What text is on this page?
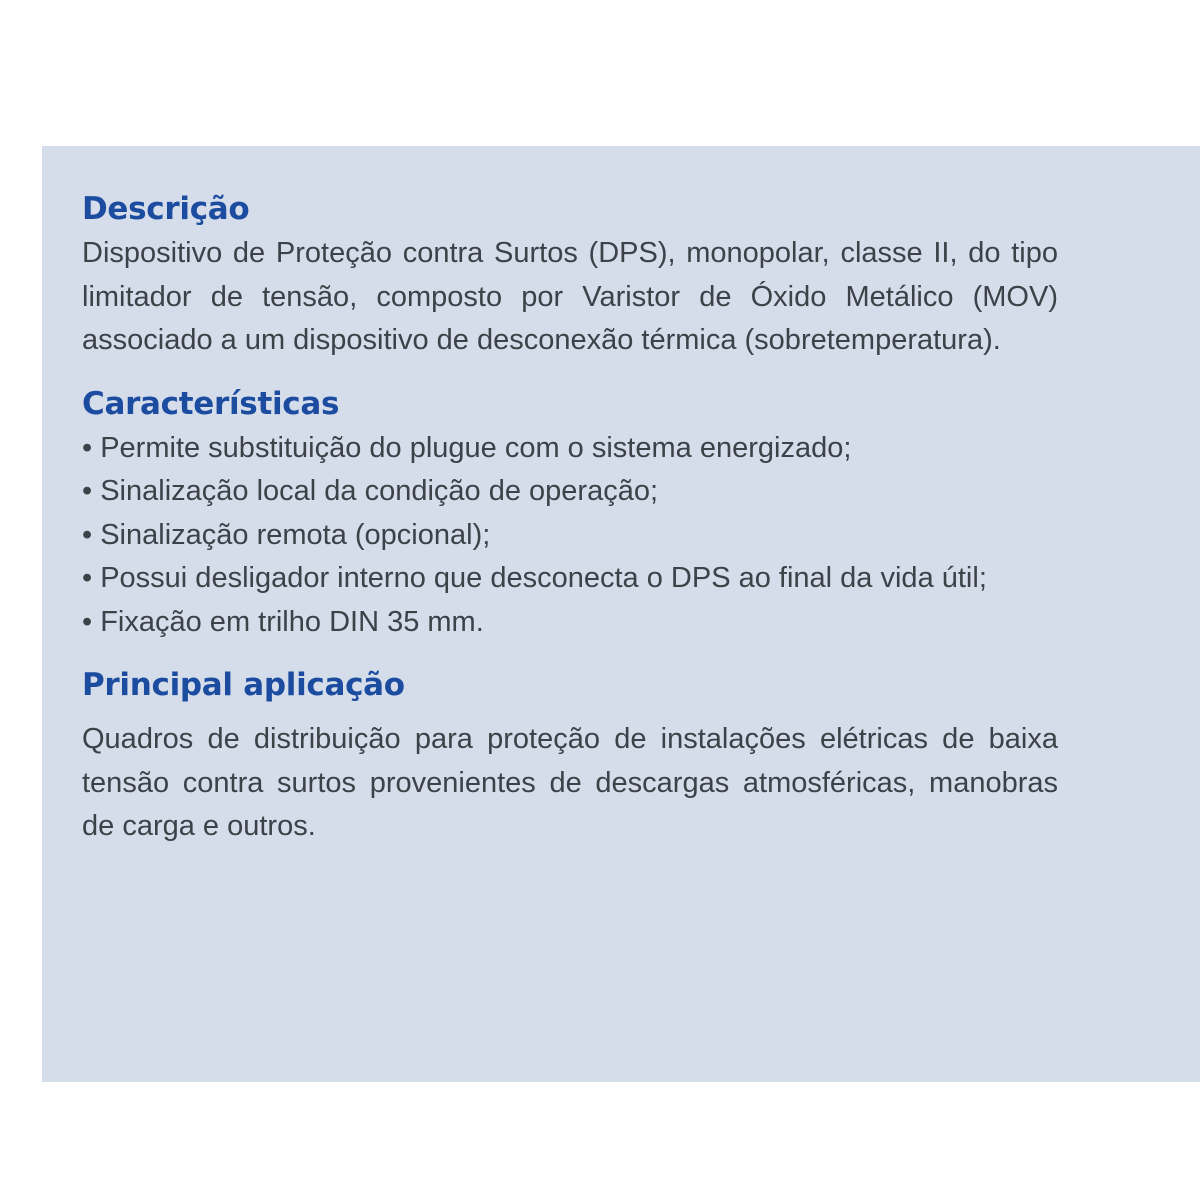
Descrição

Dispositivo de Proteção contra Surtos (DPS), monopolar, classe II, do tipo limitador de tensão, composto por Varistor de Óxido Metálico (MOV) associado a um dispositivo de desconexão térmica (sobretemperatura).

Características
• Permite substituição do plugue com o sistema energizado;
• Sinalização local da condição de operação;
• Sinalização remota (opcional);
• Possui desligador interno que desconecta o DPS ao final da vida útil;
• Fixação em trilho DIN 35 mm.
Principal aplicação

Quadros de distribuição para proteção de instalações elétricas de baixa tensão contra surtos provenientes de descargas atmosféricas, manobras de carga e outros.
